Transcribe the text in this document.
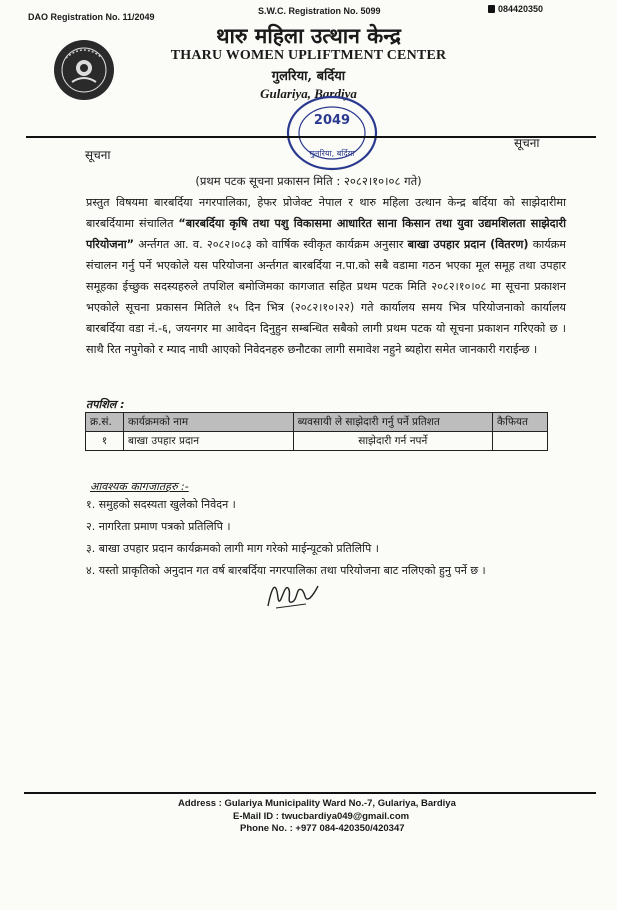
DAO Registration No. 11/2049
S.W.C. Registration No. 5099	084420350
थारु महिला उत्थान केन्द्र
THARU WOMEN UPLIFTMENT CENTER
गुलरिया, बर्दिया
Gulariya, Bardiya
2049
गुलरिया, बर्दिया
सूचना
सूचना
(प्रथम पटक सूचना प्रकासन मिति : २०८२।१०।०८ गते)
प्रस्तुत विषयमा बारबर्दिया नगरपालिका, हेफर प्रोजेक्ट नेपाल र थारु महिला उत्थान केन्द्र बर्दिया को साझेदारीमा बारबर्दियामा संचालित “बारबर्दिया कृषि तथा पशु विकासमा आधारित साना किसान तथा युवा उद्यमशिलता साझेदारी परियोजना” अर्न्तगत आ. व. २०८२।०८३ को वार्षिक स्वीकृत कार्यक्रम अनुसार बाखा उपहार प्रदान (वितरण) कार्यक्रम संचालन गर्नु पर्ने भएकोले यस परियोजना अर्न्तगत बारबर्दिया न.पा.को सबै वडामा गठन भएका मूल समूह तथा उपहार समूहका ईच्छुक सदस्यहरुले तपशिल बमोजिमका कागजात सहित प्रथम पटक मिति २०८२।१०।०८ मा सूचना प्रकाशन भएकोले सूचना प्रकासन मितिले १५ दिन भित्र (२०८२।१०।२२) गते कार्यालय समय भित्र परियोजनाको कार्यालय बारबर्दिया वडा नं.-६, जयनगर मा आवेदन दिनुहुन सम्बन्धित सबैको लागी प्रथम पटक यो सूचना प्रकाशन गरिएको छ । साथै रित नपुगेको र म्याद नाघी आएको निवेदनहरु छनौटका लागी समावेश नहुने ब्यहोरा समेत जानकारी गराईन्छ ।
तपशिल :
क्र.सं.	कार्यक्रमको नाम	ब्यवसायी ले साझेदारी गर्नु पर्ने प्रतिशत	कैफियत
१	बाखा उपहार प्रदान	साझेदारी गर्न नपर्ने	
आवश्यक कागजातहरु :-
१. समुहको सदस्यता खुलेको निवेदन ।
२. नागरिता प्रमाण पत्रको प्रतिलिपि ।
३. बाखा उपहार प्रदान कार्यक्रमको लागी माग गरेको माईन्यूटको प्रतिलिपि ।
४. यस्तो प्राकृतिको अनुदान गत वर्ष बारबर्दिया नगरपालिका तथा परियोजना बाट नलिएको हुनु पर्ने छ ।
Address : Gulariya Municipality Ward No.-7, Gulariya, Bardiya
E-Mail ID : twucbardiya049@gmail.com
Phone No. : +977 084-420350/420347
